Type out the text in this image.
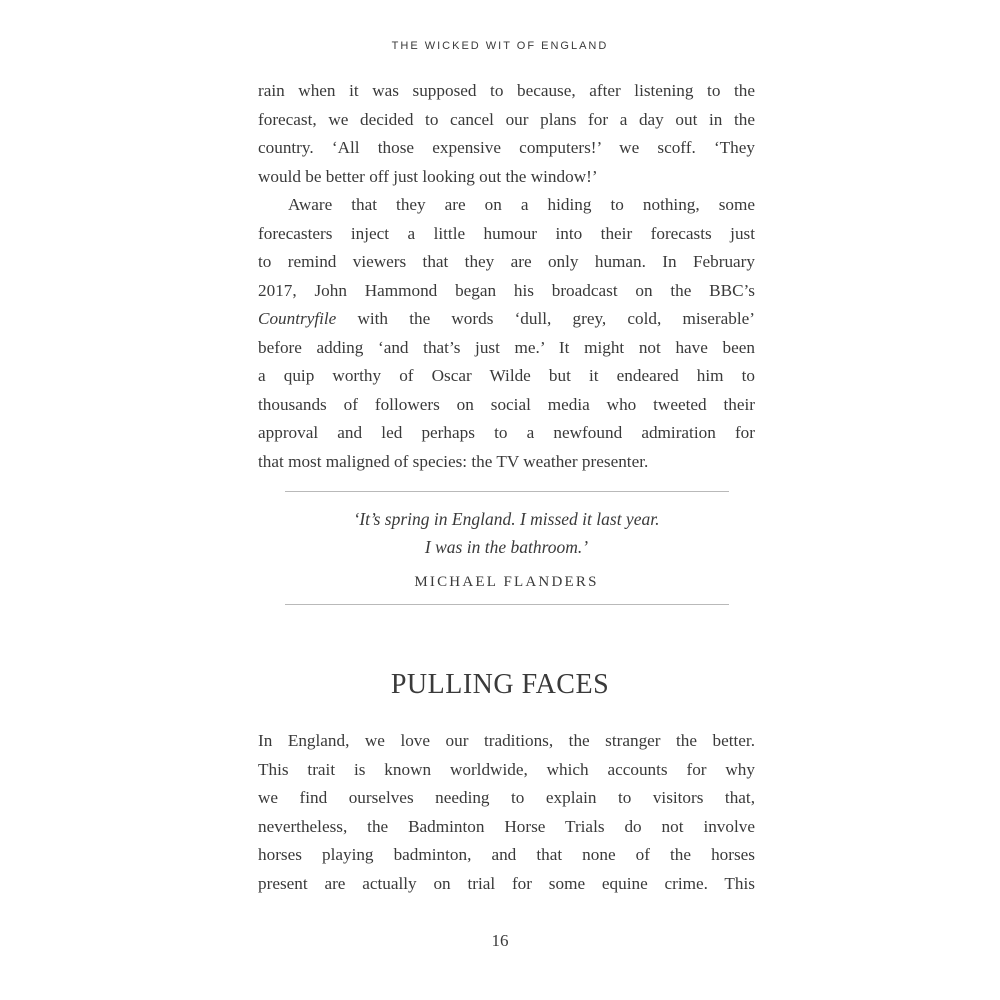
THE WICKED WIT OF ENGLAND
rain when it was supposed to because, after listening to the
forecast, we decided to cancel our plans for a day out in the
country. ‘All those expensive computers!’ we scoff. ‘They
would be better off just looking out the window!’
Aware that they are on a hiding to nothing, some
forecasters inject a little humour into their forecasts just
to remind viewers that they are only human. In February
2017, John Hammond began his broadcast on the BBC’s
Countryfile with the words ‘dull, grey, cold, miserable’
before adding ‘and that’s just me.’ It might not have been
a quip worthy of Oscar Wilde but it endeared him to
thousands of followers on social media who tweeted their
approval and led perhaps to a newfound admiration for
that most maligned of species: the TV weather presenter.
‘It’s spring in England. I missed it last year.
I was in the bathroom.’
MICHAEL FLANDERS
PULLING FACES
In England, we love our traditions, the stranger the better.
This trait is known worldwide, which accounts for why
we find ourselves needing to explain to visitors that,
nevertheless, the Badminton Horse Trials do not involve
horses playing badminton, and that none of the horses
present are actually on trial for some equine crime. This
16
